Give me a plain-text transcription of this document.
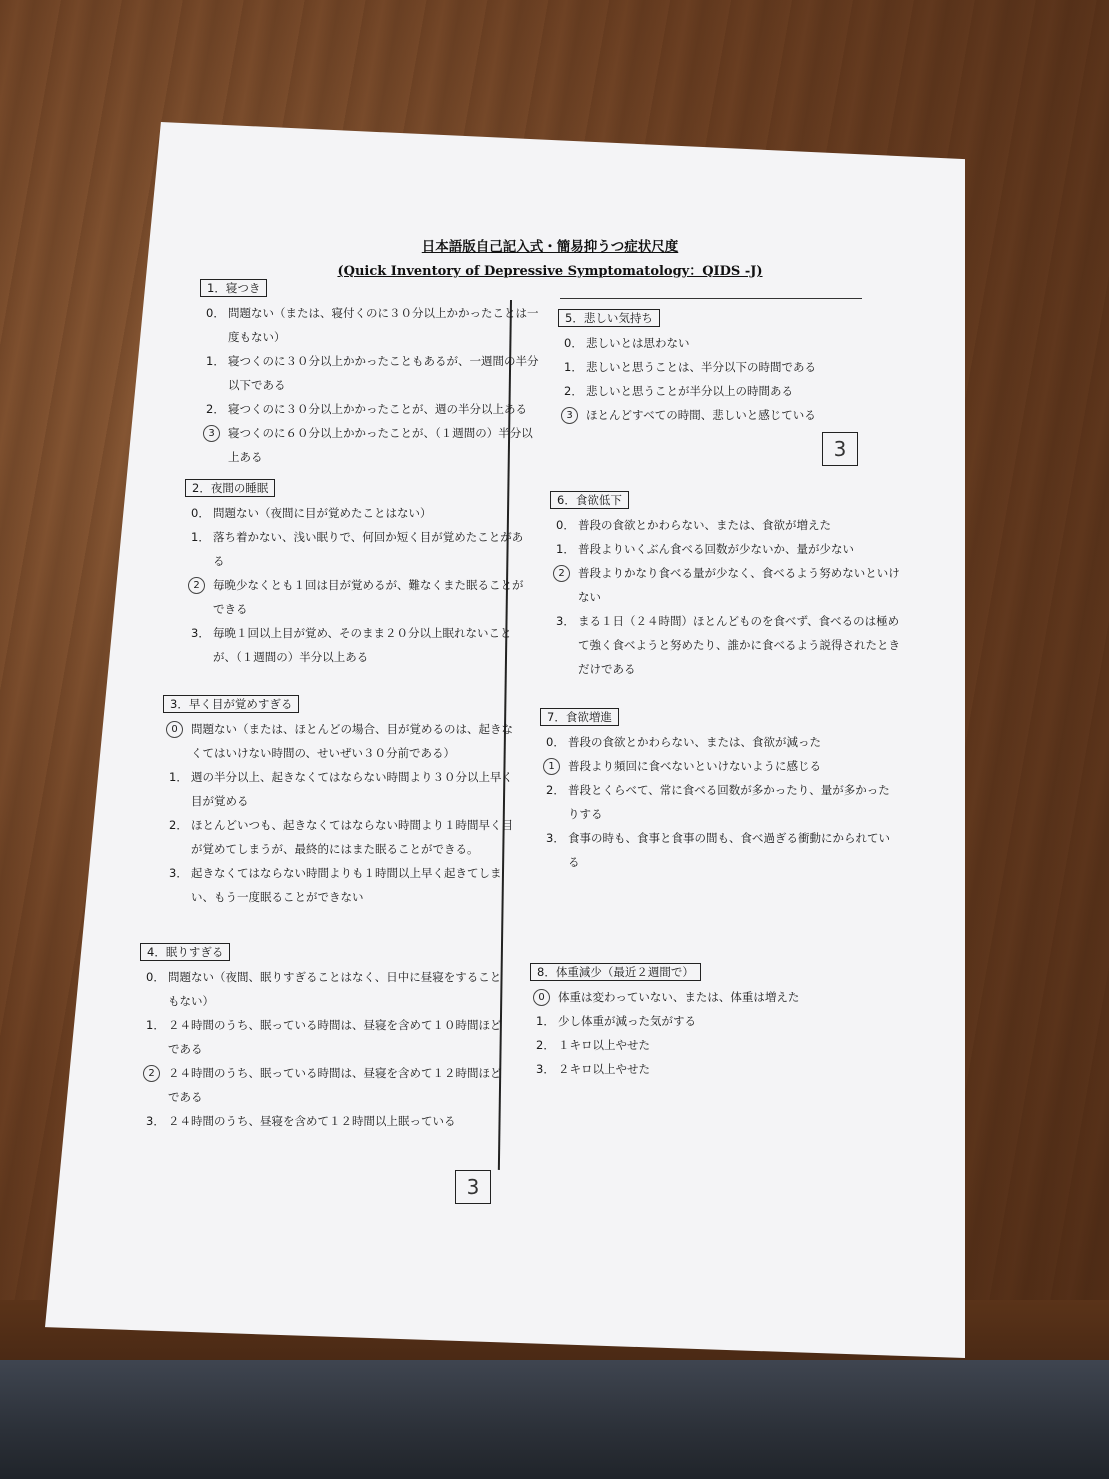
日本語版自己記入式・簡易抑うつ症状尺度
(Quick Inventory of Depressive Symptomatology：QIDS -J)
1．寝つき
0． 問題ない（または、寝付くのに３０分以上かかったことは一度もない）
1． 寝つくのに３０分以上かかったこともあるが、一週間の半分以下である
2． 寝つくのに３０分以上かかったことが、週の半分以上ある
3	寝つくのに６０分以上かかったことが、（１週間の）半分以上ある
2．夜間の睡眠
0． 問題ない（夜間に目が覚めたことはない）
1． 落ち着かない、浅い眠りで、何回か短く目が覚めたことがある
2	毎晩少なくとも１回は目が覚めるが、難なくまた眠ることができる
3． 毎晩１回以上目が覚め、そのまま２０分以上眠れないことが、（１週間の）半分以上ある
3．早く目が覚めすぎる
0	問題ない（または、ほとんどの場合、目が覚めるのは、起きなくてはいけない時間の、せいぜい３０分前である）
1． 週の半分以上、起きなくてはならない時間より３０分以上早く目が覚める
2． ほとんどいつも、起きなくてはならない時間より１時間早く目が覚めてしまうが、最終的にはまた眠ることができる。
3． 起きなくてはならない時間よりも１時間以上早く起きてしまい、もう一度眠ることができない
4．眠りすぎる
0． 問題ない（夜間、眠りすぎることはなく、日中に昼寝をすることもない）
1． ２４時間のうち、眠っている時間は、昼寝を含めて１０時間ほどである
2	２４時間のうち、眠っている時間は、昼寝を含めて１２時間ほどである
3． ２４時間のうち、昼寝を含めて１２時間以上眠っている
5．悲しい気持ち
0． 悲しいとは思わない
1． 悲しいと思うことは、半分以下の時間である
2． 悲しいと思うことが半分以上の時間ある
3	ほとんどすべての時間、悲しいと感じている
6．食欲低下
0． 普段の食欲とかわらない、または、食欲が増えた
1． 普段よりいくぶん食べる回数が少ないか、量が少ない
2	普段よりかなり食べる量が少なく、食べるよう努めないといけない
3． まる１日（２４時間）ほとんどものを食べず、食べるのは極めて強く食べようと努めたり、誰かに食べるよう説得されたときだけである
7．食欲増進
0． 普段の食欲とかわらない、または、食欲が減った
1	普段より頻回に食べないといけないように感じる
2． 普段とくらべて、常に食べる回数が多かったり、量が多かったりする
3． 食事の時も、食事と食事の間も、食べ過ぎる衝動にかられている
8．体重減少（最近２週間で）
0	体重は変わっていない、または、体重は増えた
1． 少し体重が減った気がする
2． １キロ以上やせた
3． ２キロ以上やせた
3
3
